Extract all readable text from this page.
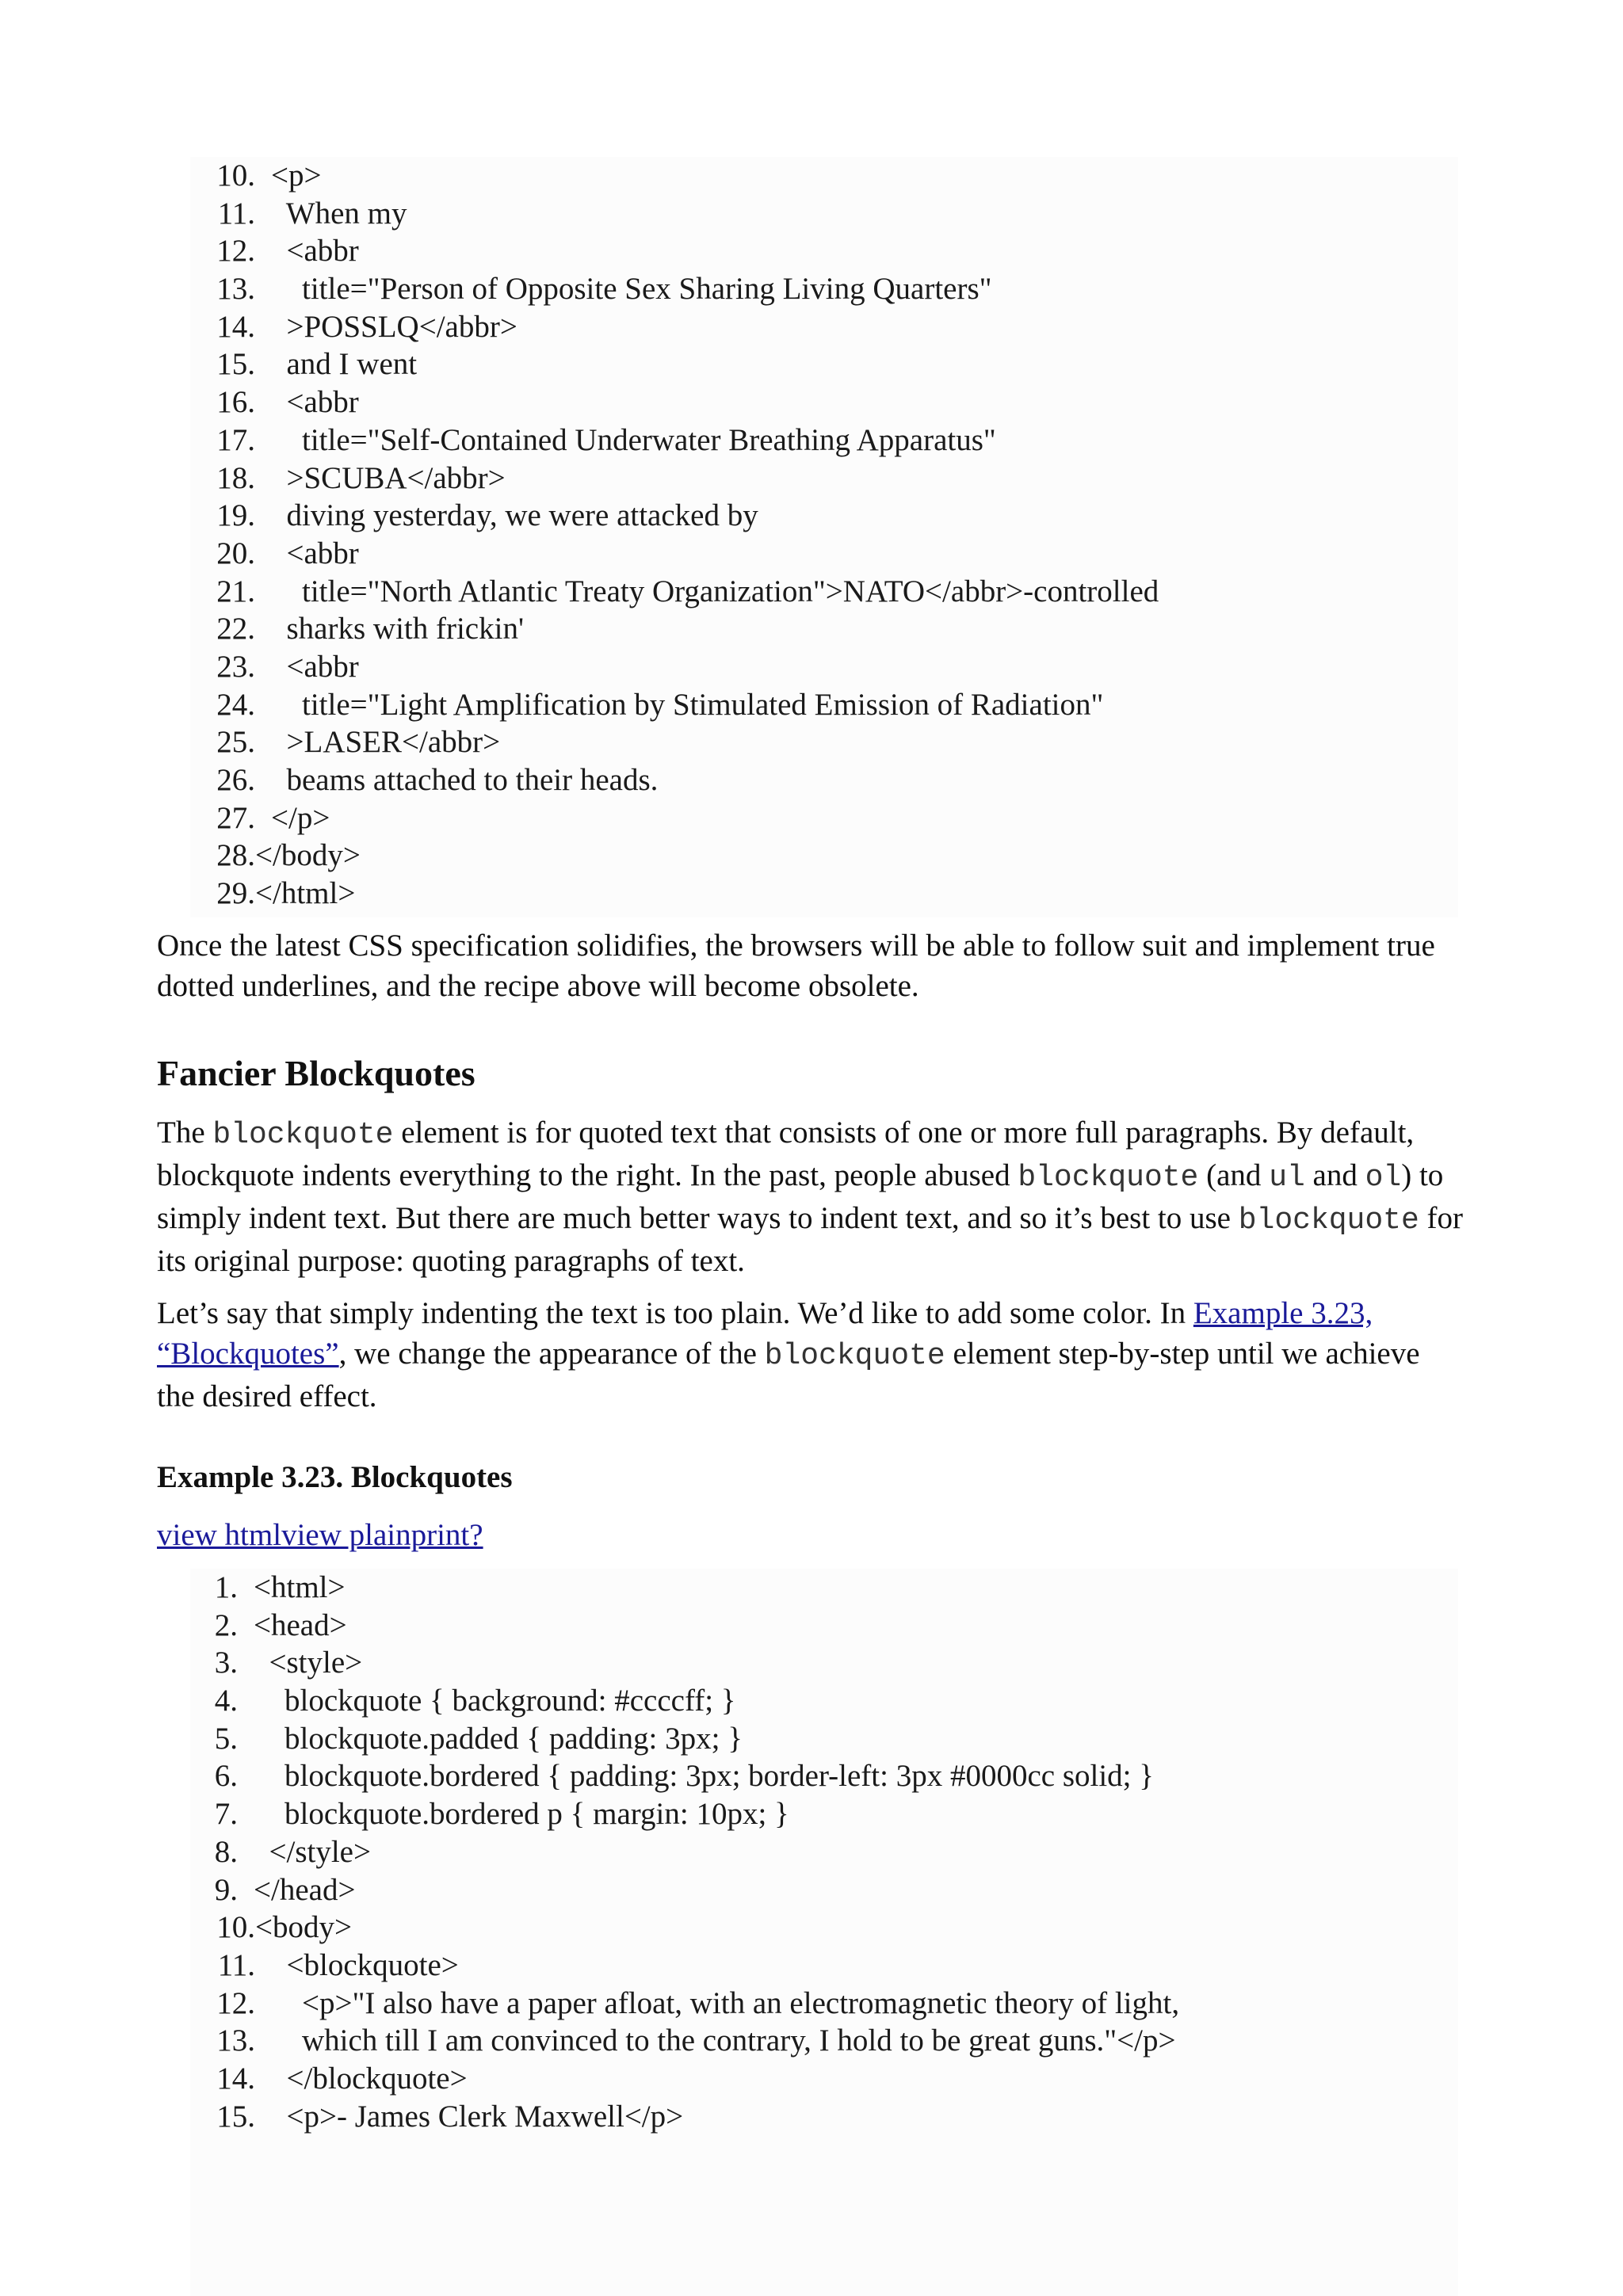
10. <p>
11. When my
12. <abbr
13. title="Person of Opposite Sex Sharing Living Quarters"
14. >POSSLQ</abbr>
15. and I went
16. <abbr
17. title="Self-Contained Underwater Breathing Apparatus"
18. >SCUBA</abbr>
19. diving yesterday, we were attacked by
20. <abbr
21. title="North Atlantic Treaty Organization">NATO</abbr>-controlled
22. sharks with frickin'
23. <abbr
24. title="Light Amplification by Stimulated Emission of Radiation"
25. >LASER</abbr>
26. beams attached to their heads.
27. </p>
28. </body>
29. </html>

Once the latest CSS specification solidifies, the browsers will be able to follow suit and implement true dotted underlines, and the recipe above will become obsolete.

Fancier Blockquotes

The blockquote element is for quoted text that consists of one or more full paragraphs. By default, blockquote indents everything to the right. In the past, people abused blockquote (and ul and ol) to simply indent text. But there are much better ways to indent text, and so it’s best to use blockquote for its original purpose: quoting paragraphs of text.

Let’s say that simply indenting the text is too plain. We’d like to add some color. In Example 3.23, “Blockquotes”, we change the appearance of the blockquote element step-by-step until we achieve the desired effect.

Example 3.23. Blockquotes

view htmlview plainprint?

1. <html>
2. <head>
3. <style>
4. blockquote { background: #ccccff; }
5. blockquote.padded { padding: 3px; }
6. blockquote.bordered { padding: 3px; border-left: 3px #0000cc solid; }
7. blockquote.bordered p { margin: 10px; }
8. </style>
9. </head>
10. <body>
11. <blockquote>
12. <p>"I also have a paper afloat, with an electromagnetic theory of light,
13. which till I am convinced to the contrary, I hold to be great guns."</p>
14. </blockquote>
15. <p>- James Clerk Maxwell</p>
